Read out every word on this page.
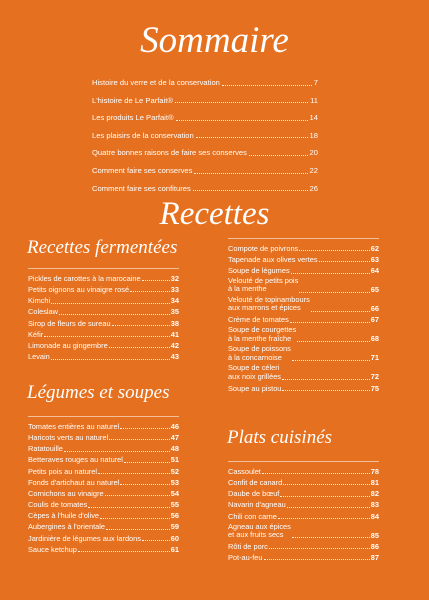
Sommaire
Histoire du verre et de la conservation	7
L'histoire de Le Parfait®	11
Les produits Le Parfait®	14
Les plaisirs de la conservation	18
Quatre bonnes raisons de faire ses conserves	20
Comment faire ses conserves	22
Comment faire ses confitures	26
Recettes
Recettes fermentées
Pickles de carottes à la marocaine	32
Petits oignons au vinaigre rosé	33
Kimchi	34
Coleslaw	35
Sirop de fleurs de sureau	38
Kéfir	41
Limonade au gingembre	42
Levain	43
Légumes et soupes
Tomates entières au naturel	46
Haricots verts au naturel	47
Ratatouille	48
Betteraves rouges au naturel	51
Petits pois au naturel	52
Fonds d'artichaut au naturel	53
Cornichons au vinaigre	54
Coulis de tomates	55
Cèpes à l'huile d'olive	56
Aubergines à l'orientale	59
Jardinière de légumes aux lardons	60
Sauce ketchup	61
Compote de poivrons	62
Tapenade aux olives vertes	63
Soupe de légumes	64
Velouté de petits pois
à la menthe	65
Velouté de topinambours
aux marrons et épices	66
Crème de tomates	67
Soupe de courgettes
à la menthe fraîche	68
Soupe de poissons
à la concarnoise	71
Soupe de céleri
aux noix grillées	72
Soupe au pistou	75
Plats cuisinés
Cassoulet	78
Confit de canard	81
Daube de bœuf	82
Navarin d'agneau	83
Chili con carne	84
Agneau aux épices
et aux fruits secs	85
Rôti de porc	86
Pot-au-feu	87
